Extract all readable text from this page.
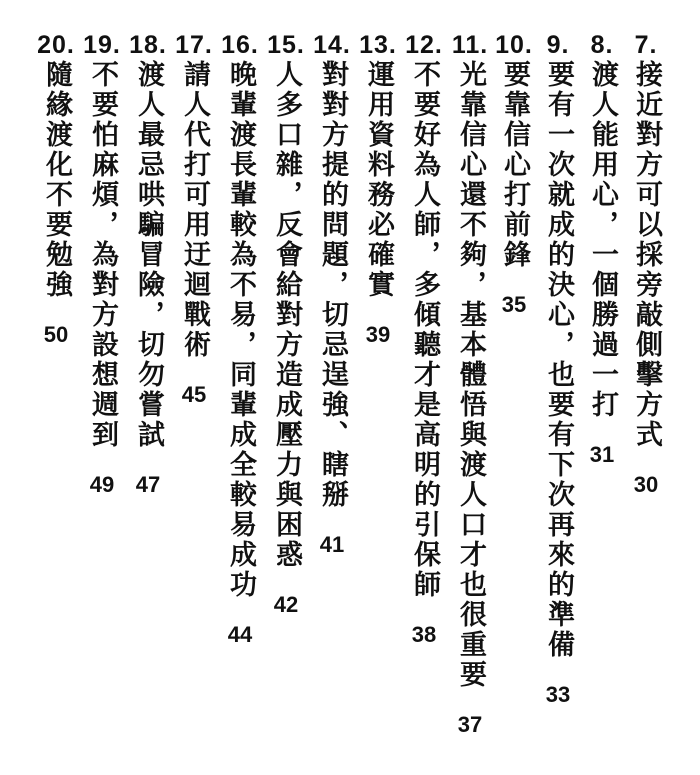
7.
接近對方可以採旁敲側擊方式
30
8.
渡人能用心，一個勝過一打
31
9.
要有一次就成的決心，也要有下次再來的準備
33
10.
要靠信心打前鋒
35
11.
光靠信心還不夠，基本體悟與渡人口才也很重要
37
12.
不要好為人師，多傾聽才是高明的引保師
38
13.
運用資料務必確實
39
14.
對對方提的問題，切忌逞強、瞎掰
41
15.
人多口雜，反會給對方造成壓力與困惑
42
16.
晚輩渡長輩較為不易，同輩成全較易成功
44
17.
請人代打可用迂迴戰術
45
18.
渡人最忌哄騙冒險，切勿嘗試
47
19.
不要怕麻煩，為對方設想週到
49
20.
隨緣渡化不要勉強
50
